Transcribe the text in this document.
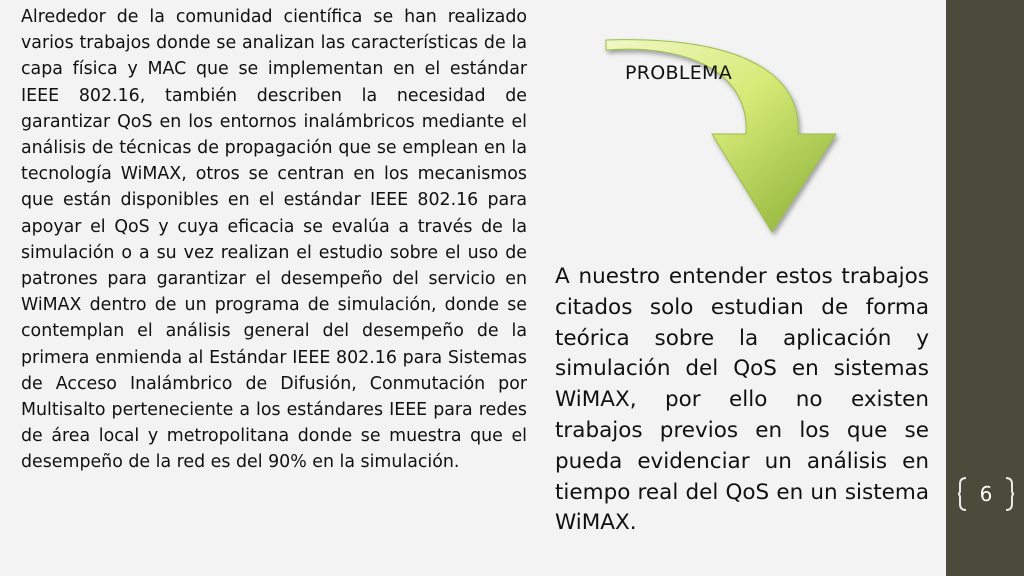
Alrededor de la comunidad científica se han realizado varios trabajos donde se analizan las características de la capa física y MAC que se implementan en el estándar IEEE 802.16, también describen la necesidad de garantizar QoS en los entornos inalámbricos mediante el análisis de técnicas de propagación que se emplean en la tecnología WiMAX, otros se centran en los mecanismos que están disponibles en el estándar IEEE 802.16 para apoyar el QoS y cuya eficacia se evalúa a través de la simulación o a su vez realizan el estudio sobre el uso de patrones para garantizar el desempeño del servicio en WiMAX dentro de un programa de simulación, donde se contemplan el análisis general del desempeño de la primera enmienda al Estándar IEEE 802.16 para Sistemas de Acceso Inalámbrico de Difusión, Conmutación por Multisalto perteneciente a los estándares IEEE para redes de área local y metropolitana donde se muestra que el desempeño de la red es del 90% en la simulación.

PROBLEMA

A nuestro entender estos trabajos citados solo estudian de forma teórica sobre la aplicación y simulación del QoS en sistemas WiMAX, por ello no existen trabajos previos en los que se pueda evidenciar un análisis en tiempo real del QoS en un sistema WiMAX.

6
